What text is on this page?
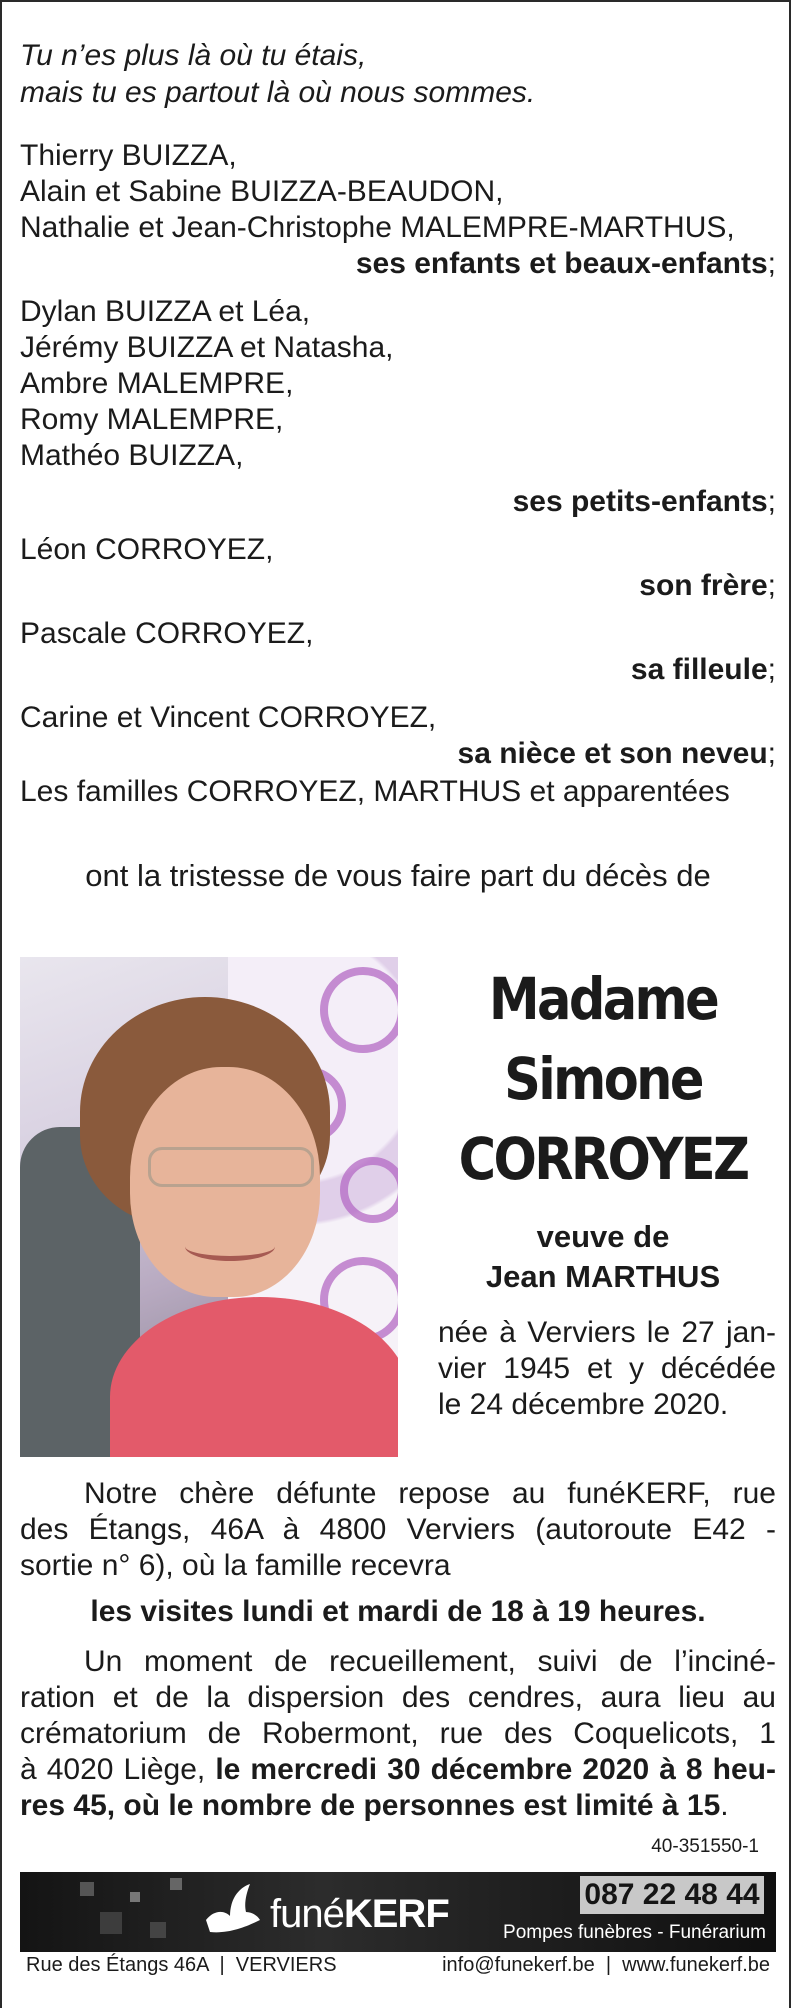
Tu n’es plus là où tu étais,
mais tu es partout là où nous sommes.
Thierry BUIZZA,
Alain et Sabine BUIZZA-BEAUDON,
Nathalie et Jean-Christophe MALEMPRE-MARTHUS,
ses enfants et beaux-enfants;
Dylan BUIZZA et Léa,
Jérémy BUIZZA et Natasha,
Ambre MALEMPRE,
Romy MALEMPRE,
Mathéo BUIZZA,
ses petits-enfants;
Léon CORROYEZ,
son frère;
Pascale CORROYEZ,
sa filleule;
Carine et Vincent CORROYEZ,
sa nièce et son neveu;
Les familles CORROYEZ, MARTHUS et apparentées
ont la tristesse de vous faire part du décès de
Madame
Simone
CORROYEZ
veuve de
Jean MARTHUS
née à Verviers le 27 jan-
vier 1945 et y décédée
le 24 décembre 2020.
Notre chère défunte repose au funéKERF, rue
des Étangs, 46A à 4800 Verviers (autoroute E42 -
sortie n° 6), où la famille recevra
les visites lundi et mardi de 18 à 19 heures.
Un moment de recueillement, suivi de l’inciné-
ration et de la dispersion des cendres, aura lieu au
crématorium de Robermont, rue des Coquelicots, 1
à 4020 Liège, le mercredi 30 décembre 2020 à 8 heu-
res 45, où le nombre de personnes est limité à 15.
40-351550-1
funéKERF	087 22 48 44
Pompes funèbres - Funérarium
Rue des Étangs 46A  |  VERVIERS	info@funekerf.be  |  www.funekerf.be
